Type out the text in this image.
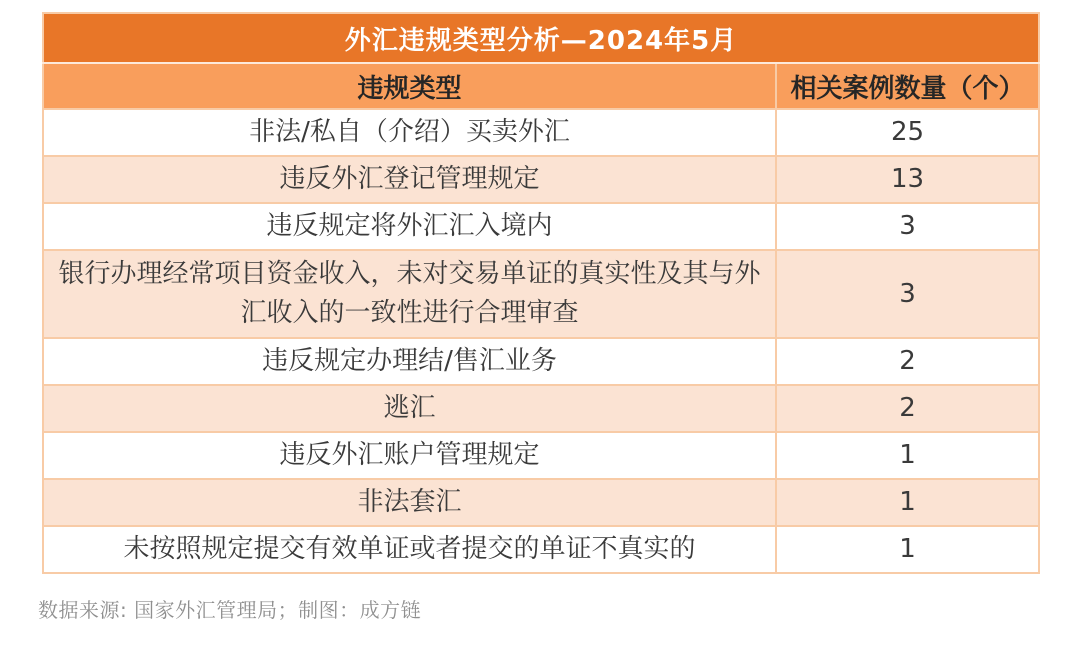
外汇违规类型分析—2024年5月	
违规类型	相关案例数量（个）
非法/私自（介绍）买卖外汇	25
违反外汇登记管理规定	13
违反规定将外汇汇入境内	3
银行办理经常项目资金收入，未对交易单证的真实性及其与外汇收入的一致性进行合理审查	3
违反规定办理结/售汇业务	2
逃汇	2
违反外汇账户管理规定	1
非法套汇	1
未按照规定提交有效单证或者提交的单证不真实的	1
数据来源: 国家外汇管理局；制图：成方链
